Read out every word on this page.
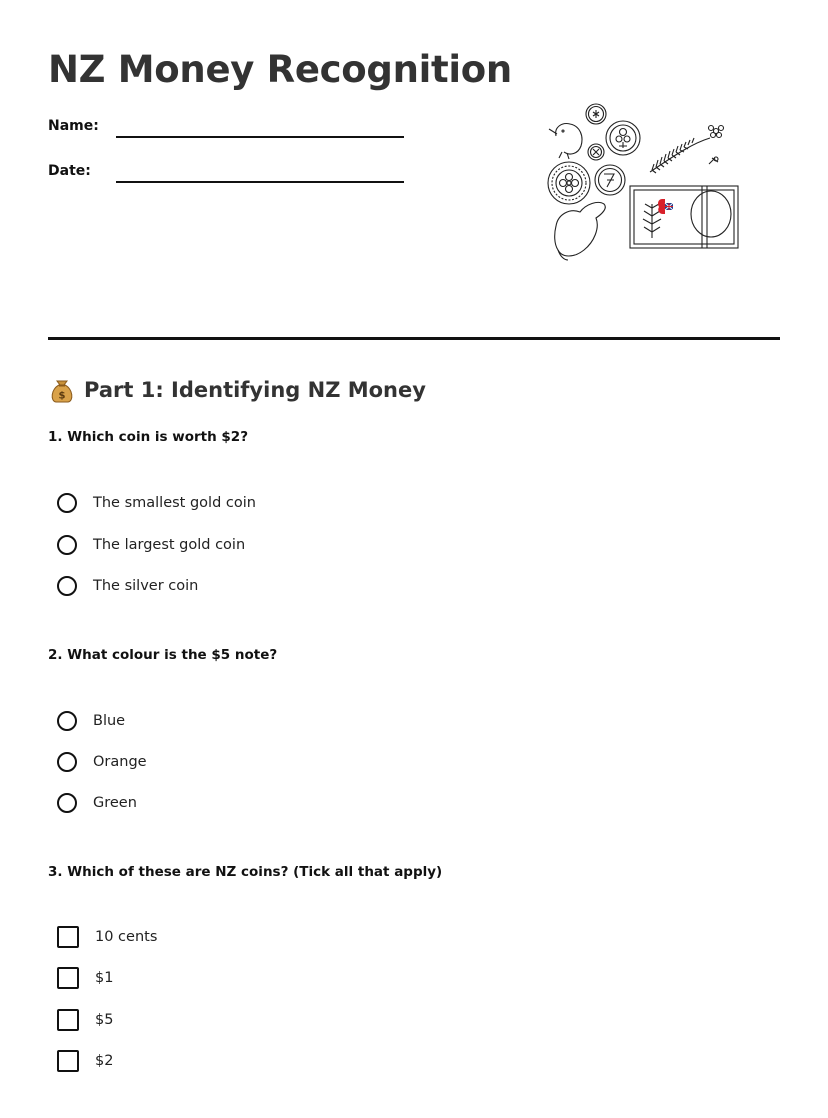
NZ Money Recognition
Name:
Date:
$ Part 1: Identifying NZ Money

1. Which coin is worth $2?

The smallest gold coin
The largest gold coin
The silver coin

2. What colour is the $5 note?

Blue
Orange
Green

3. Which of these are NZ coins? (Tick all that apply)

10 cents
$1
$5
$2
